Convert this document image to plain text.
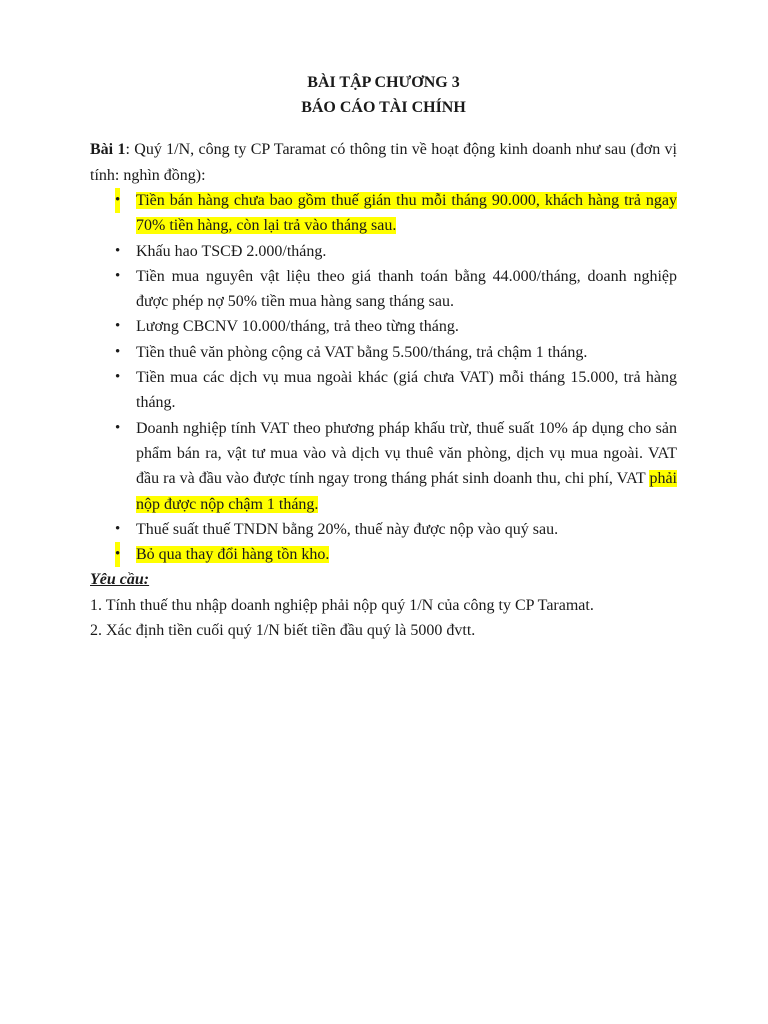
BÀI TẬP CHƯƠNG 3
BÁO CÁO TÀI CHÍNH

Bài 1: Quý 1/N, công ty CP Taramat có thông tin về hoạt động kinh doanh như sau (đơn vị tính: nghìn đồng):

• Tiền bán hàng chưa bao gồm thuế gián thu mỗi tháng 90.000, khách hàng trả ngay 70% tiền hàng, còn lại trả vào tháng sau.
• Khấu hao TSCĐ 2.000/tháng.
• Tiền mua nguyên vật liệu theo giá thanh toán bằng 44.000/tháng, doanh nghiệp được phép nợ 50% tiền mua hàng sang tháng sau.
• Lương CBCNV 10.000/tháng, trả theo từng tháng.
• Tiền thuê văn phòng cộng cả VAT bằng 5.500/tháng, trả chậm 1 tháng.
• Tiền mua các dịch vụ mua ngoài khác (giá chưa VAT) mỗi tháng 15.000, trả hàng tháng.
• Doanh nghiệp tính VAT theo phương pháp khấu trừ, thuế suất 10% áp dụng cho sản phẩm bán ra, vật tư mua vào và dịch vụ thuê văn phòng, dịch vụ mua ngoài. VAT đầu ra và đầu vào được tính ngay trong tháng phát sinh doanh thu, chi phí, VAT phải nộp được nộp chậm 1 tháng.
• Thuế suất thuế TNDN bằng 20%, thuế này được nộp vào quý sau.
• Bỏ qua thay đổi hàng tồn kho.
Yêu cầu:
1. Tính thuế thu nhập doanh nghiệp phải nộp quý 1/N của công ty CP Taramat.
2. Xác định tiền cuối quý 1/N biết tiền đầu quý là 5000 đvtt.
